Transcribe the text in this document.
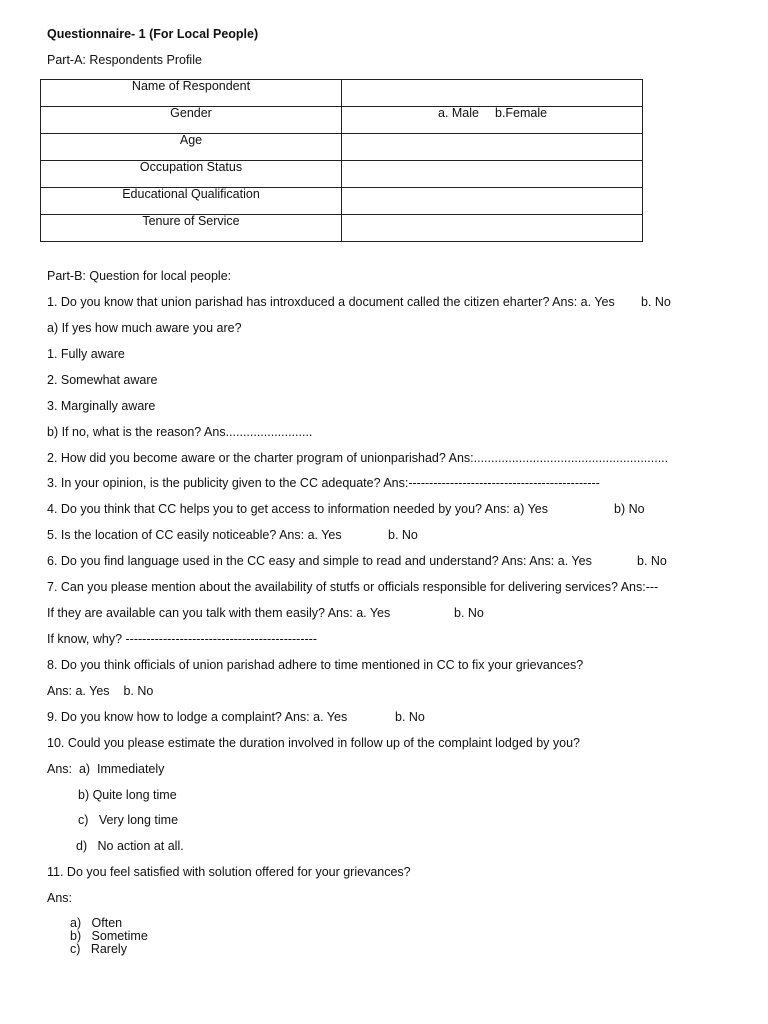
Questionnaire- 1 (For Local People)
Part-A: Respondents Profile
Name of Respondent	
Gender	a. Male b.Female

Age	
Occupation Status	
Educational Qualification	
Tenure of Service	
Part-B: Question for local people:
1. Do you know that union parishad has introxduced a document called the citizen eharter? Ans: a. Yes b. No
a) If yes how much aware you are?
1. Fully aware
2. Somewhat aware
3. Marginally aware
b) If no, what is the reason? Ans.........................
2. How did you become aware or the charter program of unionparishad? Ans:........................................................
3. In your opinion, is the publicity given to the CC adequate? Ans:----------------------------------------------
4. Do you think that CC helps you to get access to information needed by you? Ans: a) Yes	b) No
5. Is the location of CC easily noticeable? Ans: a. Yes	b. No
6. Do you find language used in the CC easy and simple to read and understand? Ans: Ans: a. Yes	b. No
7. Can you please mention about the availability of stutfs or officials responsible for delivering services? Ans:---
If they are available can you talk with them easily? Ans: a. Yes	b. No
If know, why? ----------------------------------------------
8. Do you think officials of union parishad adhere to time mentioned in CC to fix your grievances?
Ans: a. Yes    b. No
9. Do you know how to lodge a complaint? Ans: a. Yes	b. No
10. Could you please estimate the duration involved in follow up of the complaint lodged by you?
Ans:  a)  Immediately
b) Quite long time
c)   Very long time
d)   No action at all.
11. Do you feel satisfied with solution offered for your grievances?
Ans:
a)   Often
b)   Sometime
c)   Rarely
